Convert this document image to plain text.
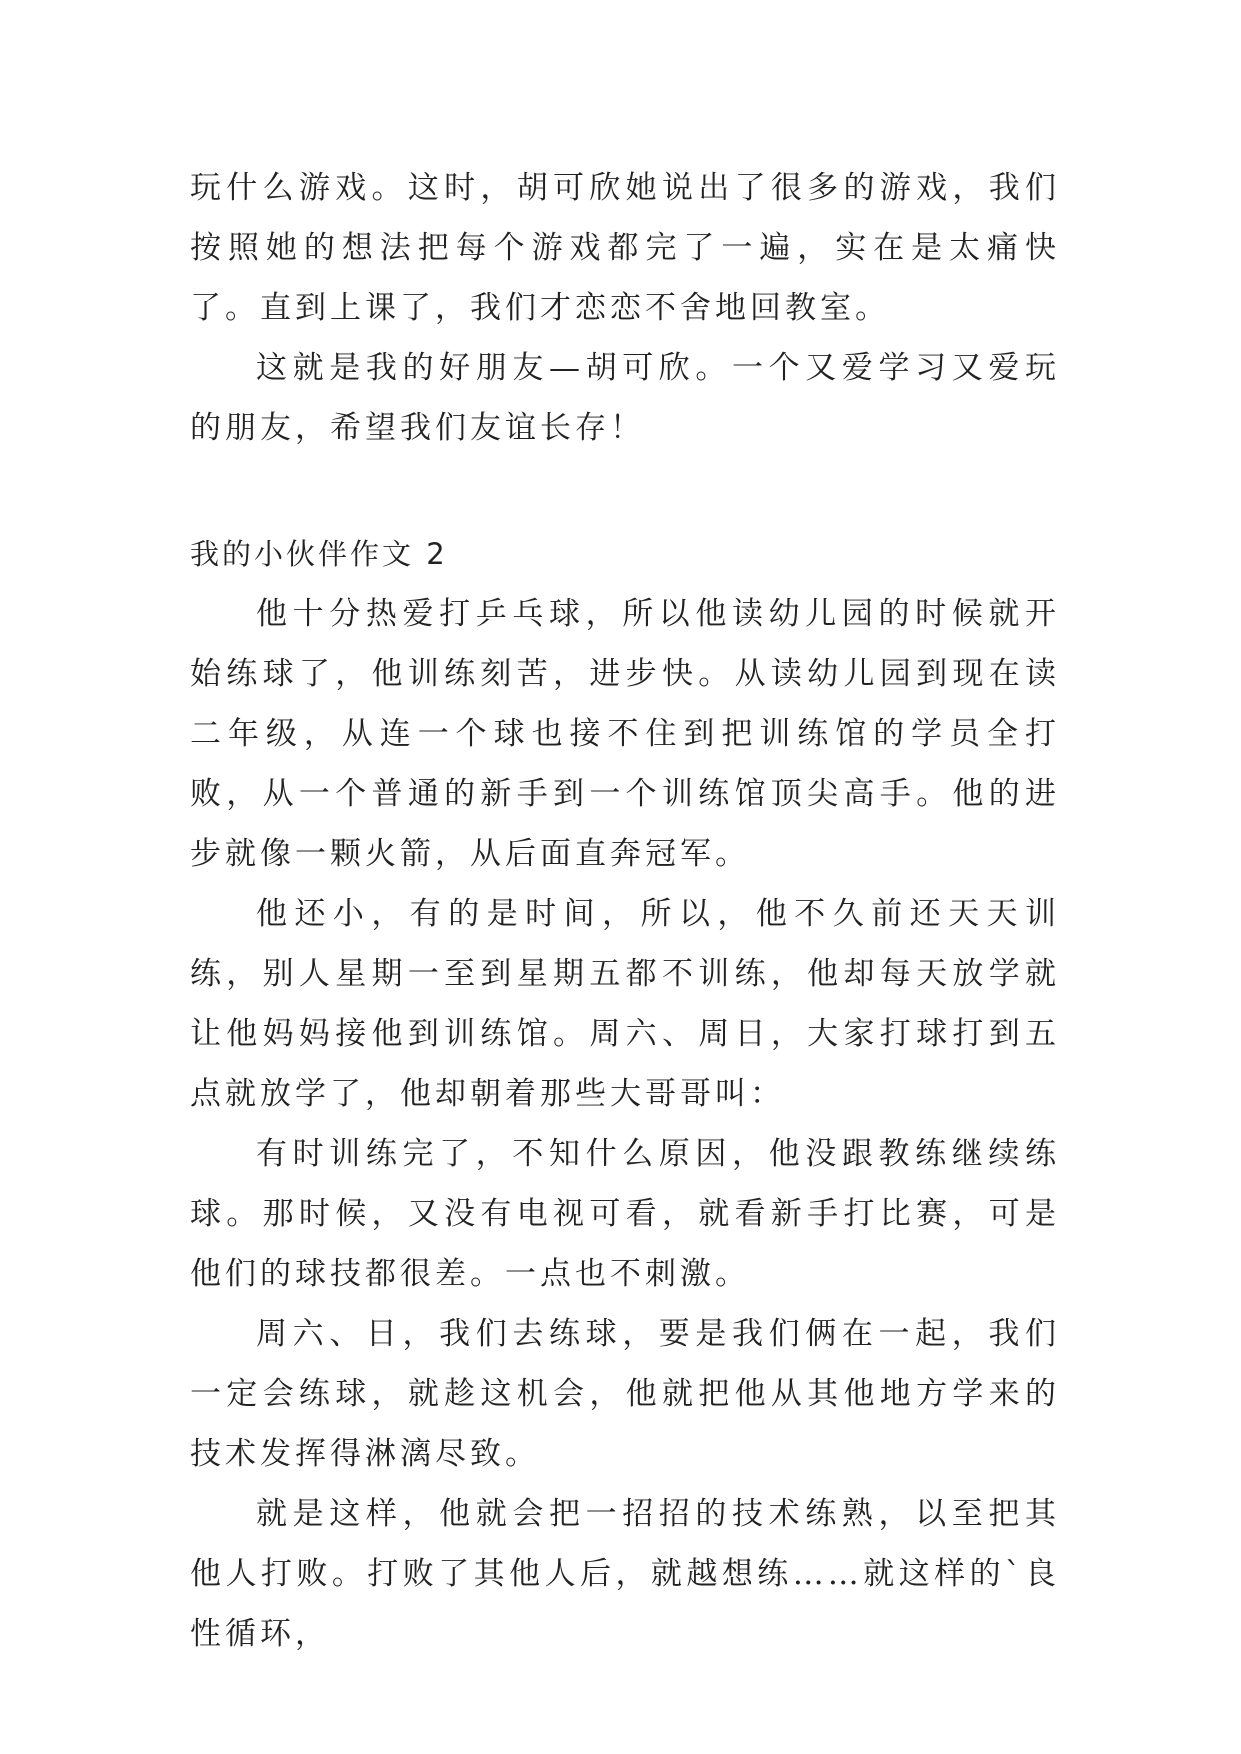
玩什么游戏。这时，胡可欣她说出了很多的游戏，我们按照她的想法把每个游戏都完了一遍，实在是太痛快了。直到上课了，我们才恋恋不舍地回教室。

这就是我的好朋友—胡可欣。一个又爱学习又爱玩的朋友，希望我们友谊长存！

我的小伙伴作文 2

他十分热爱打乒乓球，所以他读幼儿园的时候就开始练球了，他训练刻苦，进步快。从读幼儿园到现在读二年级，从连一个球也接不住到把训练馆的学员全打败，从一个普通的新手到一个训练馆顶尖高手。他的进步就像一颗火箭，从后面直奔冠军。

他还小，有的是时间，所以，他不久前还天天训练，别人星期一至到星期五都不训练，他却每天放学就让他妈妈接他到训练馆。周六、周日，大家打球打到五点就放学了，他却朝着那些大哥哥叫：

有时训练完了，不知什么原因，他没跟教练继续练球。那时候，又没有电视可看，就看新手打比赛，可是他们的球技都很差。一点也不刺激。

周六、日，我们去练球，要是我们俩在一起，我们一定会练球，就趁这机会，他就把他从其他地方学来的技术发挥得淋漓尽致。

就是这样，他就会把一招招的技术练熟，以至把其他人打败。打败了其他人后，就越想练……就这样的`良性循环，
